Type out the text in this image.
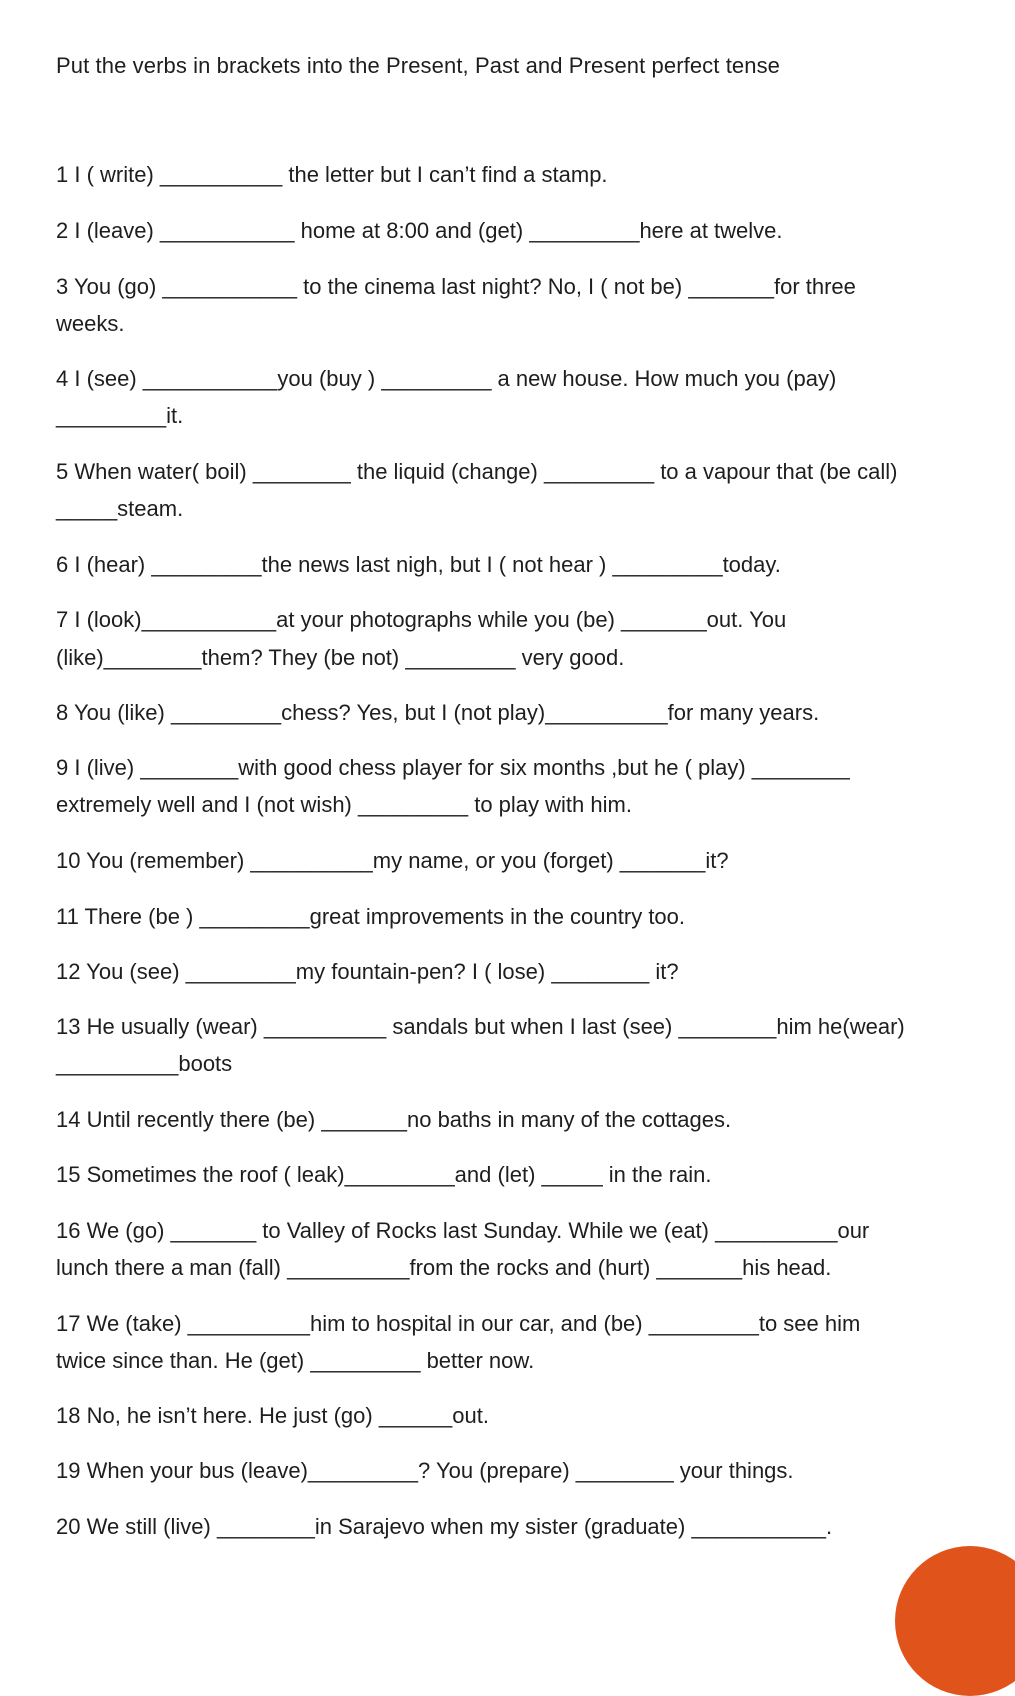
Put the verbs in brackets into the Present, Past and Present perfect tense
1 I ( write) __________ the letter but I can’t find a stamp.
2 I (leave) ___________ home at 8:00 and (get) _________here at twelve.
3 You (go) ___________ to the cinema last night? No, I ( not be) _______for three
weeks.
4 I (see) ___________you (buy ) _________ a new house. How much you (pay)
_________it.
5 When water( boil) ________ the liquid (change) _________ to a vapour that (be call)
_____steam.
6 I (hear) _________the news last nigh, but I ( not hear ) _________today.
7 I (look)___________at your photographs while you (be) _______out. You
(like)________them? They (be not) _________ very good.
8 You (like) _________chess? Yes, but I (not play)__________for many years.
9 I (live) ________with good chess player for six months ,but he ( play) ________
extremely well and I (not wish) _________ to play with him.
10 You (remember) __________my name, or you (forget) _______it?
11 There (be ) _________great improvements in the country too.
12 You (see) _________my fountain-pen? I ( lose) ________ it?
13 He usually (wear) __________ sandals but when I last (see) ________him he(wear)
__________boots
14 Until recently there (be) _______no baths in many of the cottages.
15 Sometimes the roof ( leak)_________and (let) _____ in the rain.
16 We (go) _______ to Valley of Rocks last Sunday. While we (eat) __________our
lunch there a man (fall) __________from the rocks and (hurt) _______his head.
17 We (take) __________him to hospital in our car, and (be) _________to see him
twice since than. He (get) _________ better now.
18 No, he isn’t here. He just (go) ______out.
19 When your bus (leave)_________? You (prepare) ________ your things.
20 We still (live) ________in Sarajevo when my sister (graduate) ___________.
